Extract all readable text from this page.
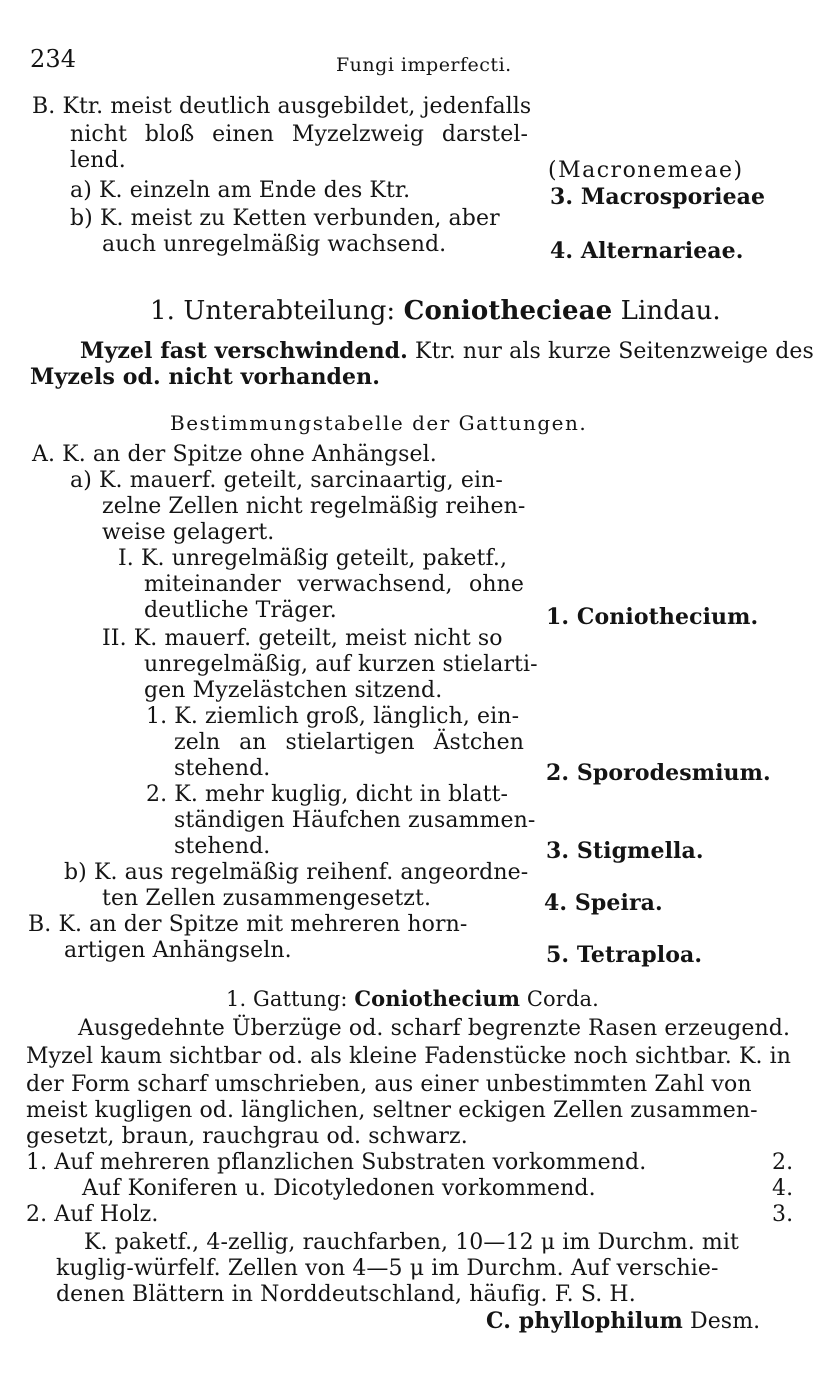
234	Fungi imperfecti.
B. Ktr. meist deutlich ausgebildet, jedenfalls
nicht bloß einen Myzelzweig darstel-
lend.	(Macronemeae)
a) K. einzeln am Ende des Ktr.	3. Macrosporieae
b) K. meist zu Ketten verbunden, aber
auch unregelmäßig wachsend.	4. Alternarieae.
1. Unterabteilung: Coniothecieae Lindau.
Myzel fast verschwindend. Ktr. nur als kurze Seitenzweige des
Myzels od. nicht vorhanden.
Bestimmungstabelle der Gattungen.
A. K. an der Spitze ohne Anhängsel.
a) K. mauerf. geteilt, sarcinaartig, ein-
zelne Zellen nicht regelmäßig reihen-
weise gelagert.
I. K. unregelmäßig geteilt, paketf.,
miteinander verwachsend, ohne
deutliche Träger.	1. Coniothecium.
II. K. mauerf. geteilt, meist nicht so
unregelmäßig, auf kurzen stielarti-
gen Myzelästchen sitzend.
1. K. ziemlich groß, länglich, ein-
zeln an stielartigen Ästchen
stehend.	2. Sporodesmium.
2. K. mehr kuglig, dicht in blatt-
ständigen Häufchen zusammen-
stehend.	3. Stigmella.
b) K. aus regelmäßig reihenf. angeordne-
ten Zellen zusammengesetzt.	4. Speira.
B. K. an der Spitze mit mehreren horn-
artigen Anhängseln.	5. Tetraploa.
1. Gattung: Coniothecium Corda.
Ausgedehnte Überzüge od. scharf begrenzte Rasen erzeugend.
Myzel kaum sichtbar od. als kleine Fadenstücke noch sichtbar. K. in
der Form scharf umschrieben, aus einer unbestimmten Zahl von
meist kugligen od. länglichen, seltner eckigen Zellen zusammen-
gesetzt, braun, rauchgrau od. schwarz.
1. Auf mehreren pflanzlichen Substraten vorkommend.	2.
Auf Koniferen u. Dicotyledonen vorkommend.	4.
2. Auf Holz.	3.
K. paketf., 4-zellig, rauchfarben, 10—12 μ im Durchm. mit
kuglig-würfelf. Zellen von 4—5 μ im Durchm. Auf verschie-
denen Blättern in Norddeutschland, häufig. F. S. H.
C. phyllophilum Desm.
